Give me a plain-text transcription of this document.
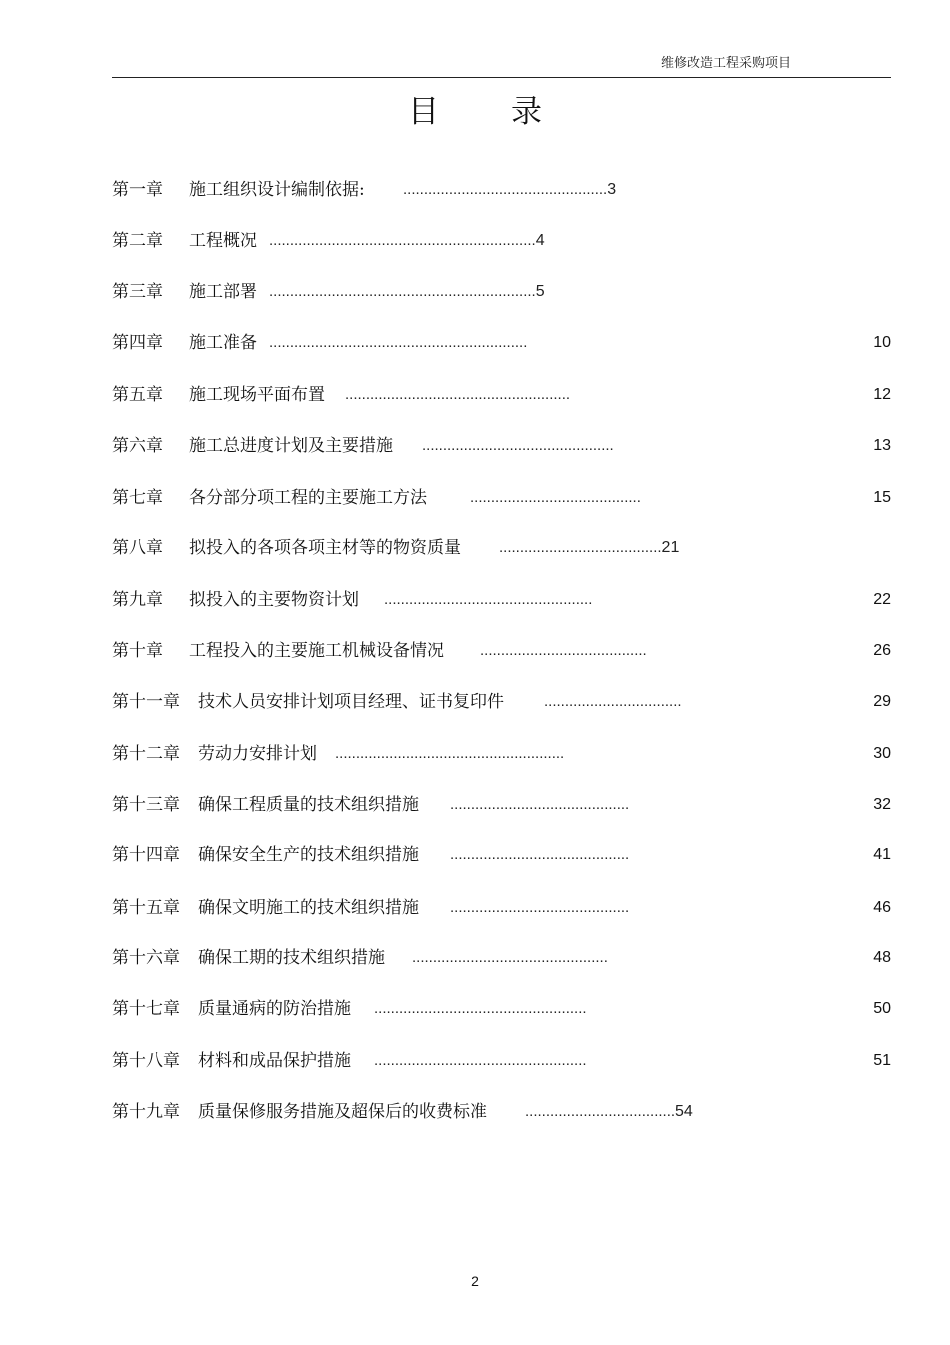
维修改造工程采购项目
目录
第一章 施工组织设计编制依据:	.................................................3
第二章 工程概况 ................................................................4
第三章 施工部署 ................................................................5
第四章 施工准备 ..............................................................	10
第五章 施工现场平面布置 ......................................................	12
第六章 施工总进度计划及主要措施 ..............................................	13
第七章 各分部分项工程的主要施工方法	.........................................	15
第八章 拟投入的各项各项主材等的物资质量	.......................................21
第九章 拟投入的主要物资计划 ..................................................	22
第十章 工程投入的主要施工机械设备情况 ........................................	26
第十一章 技术人员安排计划项目经理、证书复印件	.................................	29
第十二章 劳动力安排计划 .......................................................	30
第十三章 确保工程质量的技术组织措施 ...........................................	32
第十四章 确保安全生产的技术组织措施 ...........................................	41
第十五章 确保文明施工的技术组织措施 ...........................................	46
第十六章 确保工期的技术组织措施 ...............................................	48
第十七章 质量通病的防治措施 ...................................................	50
第十八章 材料和成品保护措施 ...................................................	51
第十九章 质量保修服务措施及超保后的收费标准	....................................54
2
